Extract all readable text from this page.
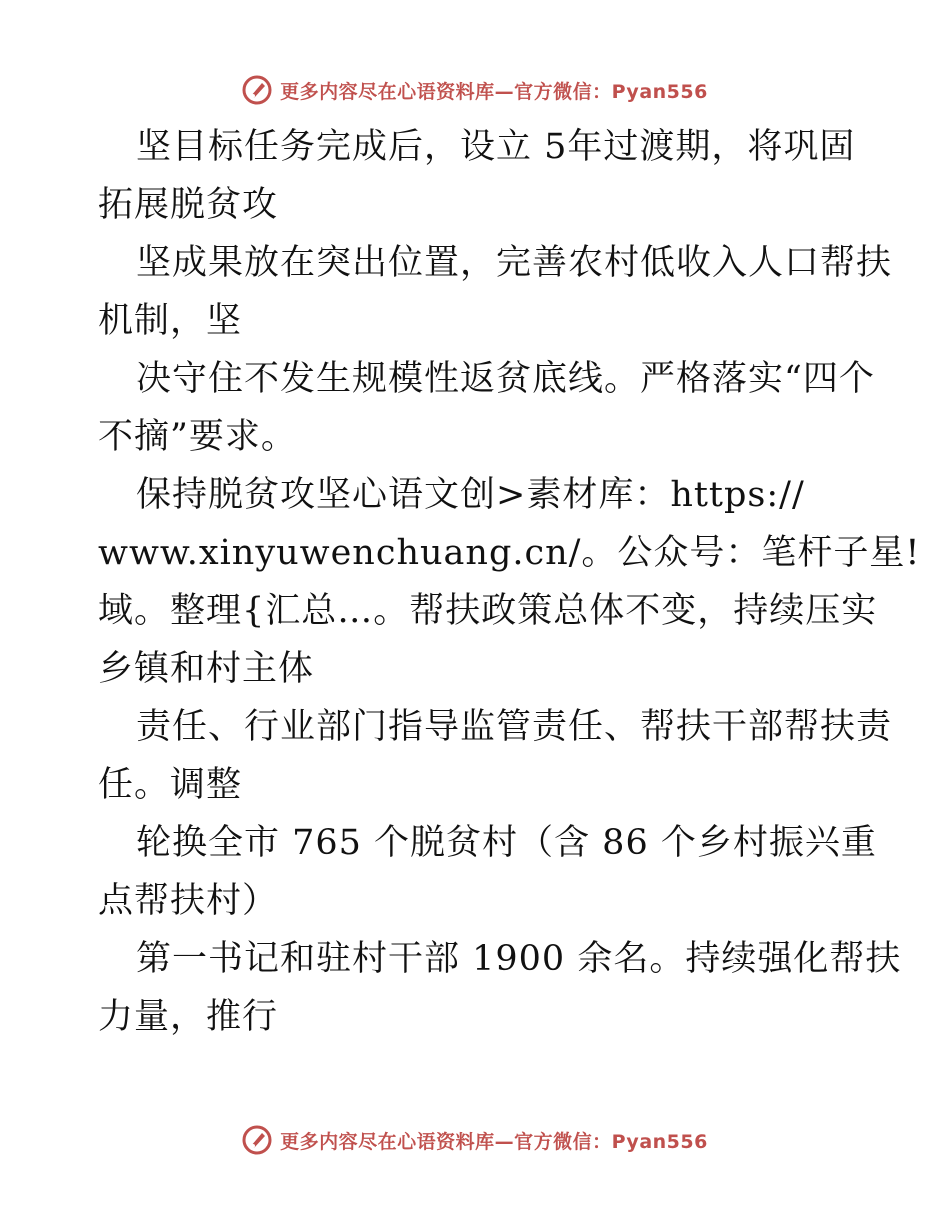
更多内容尽在心语资料库—官方微信：Pyan556
坚目标任务完成后，设立 5年过渡期，将巩固
拓展脱贫攻
坚成果放在突出位置，完善农村低收入人口帮扶
机制，坚
决守住不发生规模性返贫底线。严格落实“四个
不摘”要求。
保持脱贫攻坚心语文创>素材库：https://
www.xinyuwenchuang.cn/。公众号：笔杆子星!
域。整理{汇总…。帮扶政策总体不变，持续压实
乡镇和村主体
责任、行业部门指导监管责任、帮扶干部帮扶责
任。调整
轮换全市 765 个脱贫村（含 86 个乡村振兴重
点帮扶村）
第一书记和驻村干部 1900 余名。持续强化帮扶
力量，推行
更多内容尽在心语资料库—官方微信：Pyan556
